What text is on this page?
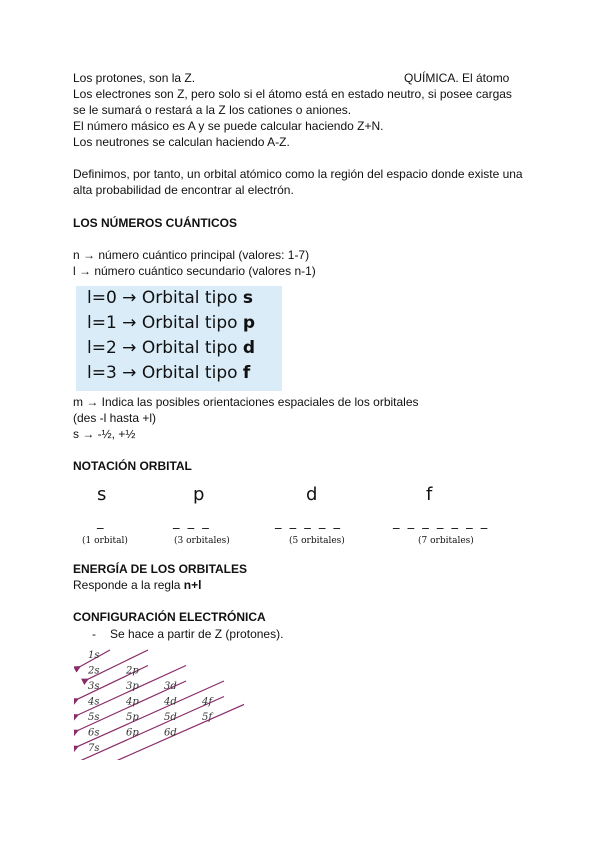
Los protones, son la Z.	QUÍMICA. El átomo
Los electrones son Z, pero solo si el átomo está en estado neutro, si posee cargas
se le sumará o restará a la Z los cationes o aniones.
El número másico es A y se puede calcular haciendo Z+N.
Los neutrones se calculan haciendo A-Z.
Definimos, por tanto, un orbital atómico como la región del espacio donde existe una
alta probabilidad de encontrar al electrón.
LOS NÚMEROS CUÁNTICOS
n → número cuántico principal (valores: 1-7)
l → número cuántico secundario (valores n-1)
l=0 → Orbital tipo s
l=1 → Orbital tipo p
l=2 → Orbital tipo d
l=3 → Orbital tipo f
m → Indica las posibles orientaciones espaciales de los orbitales
(des -l hasta +l)
s → -½, +½
NOTACIÓN ORBITAL
s	p	d	f
_	_ _ _	_ _ _ _ _	_ _ _ _ _ _ _
(1 orbital)	(3 orbitales)	(5 orbitales)	(7 orbitales)
ENERGÍA DE LOS ORBITALES
Responde a la regla n+l
CONFIGURACIÓN ELECTRÓNICA
- Se hace a partir de Z (protones).
1s
2s	2p
3s	3p	3d
4s	4p	4d	4f
5s	5p	5d	5f
6s	6p	6d
7s
